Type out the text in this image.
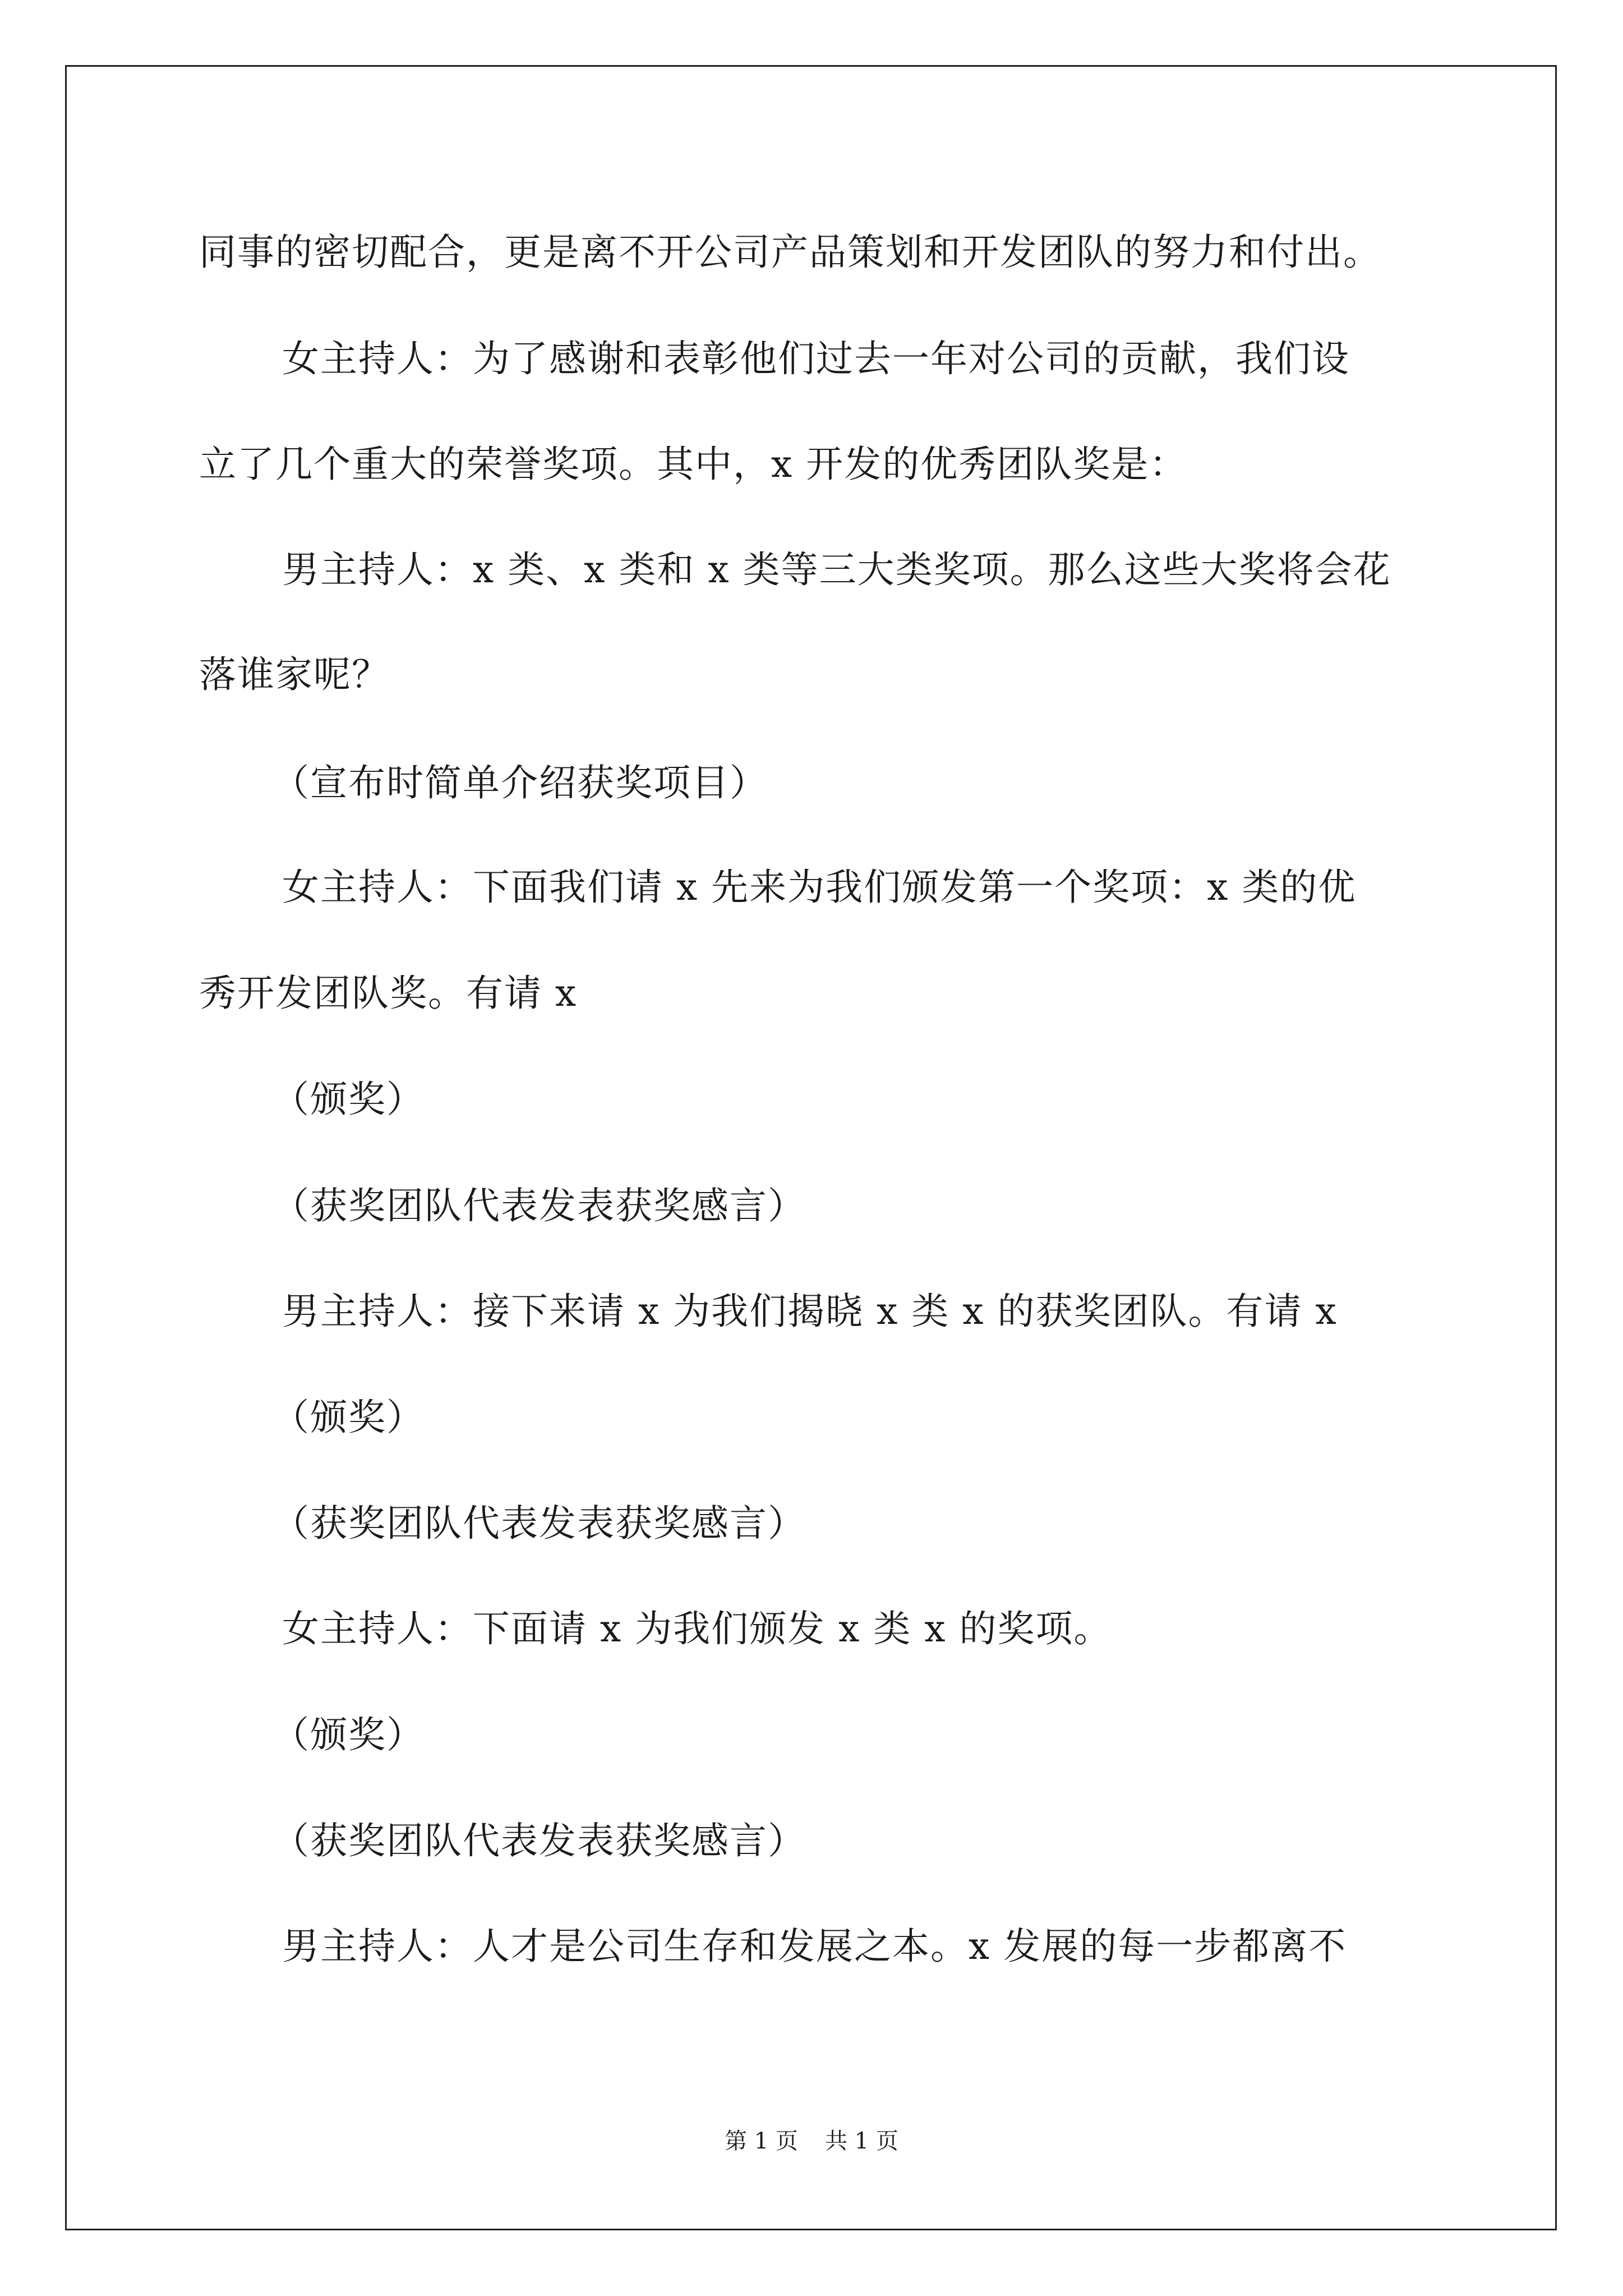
同事的密切配合，更是离不开公司产品策划和开发团队的努力和付出。
女主持人：为了感谢和表彰他们过去一年对公司的贡献，我们设
立了几个重大的荣誉奖项。其中，x 开发的优秀团队奖是：
男主持人：x 类、x 类和 x 类等三大类奖项。那么这些大奖将会花
落谁家呢？
（宣布时简单介绍获奖项目）
女主持人：下面我们请 x 先来为我们颁发第一个奖项：x 类的优
秀开发团队奖。有请 x
（颁奖）
（获奖团队代表发表获奖感言）
男主持人：接下来请 x 为我们揭晓 x 类 x 的获奖团队。有请 x
（颁奖）
（获奖团队代表发表获奖感言）
女主持人：下面请 x 为我们颁发 x 类 x 的奖项。
（颁奖）
（获奖团队代表发表获奖感言）
男主持人：人才是公司生存和发展之本。x 发展的每一步都离不
第 1 页 共 1 页
